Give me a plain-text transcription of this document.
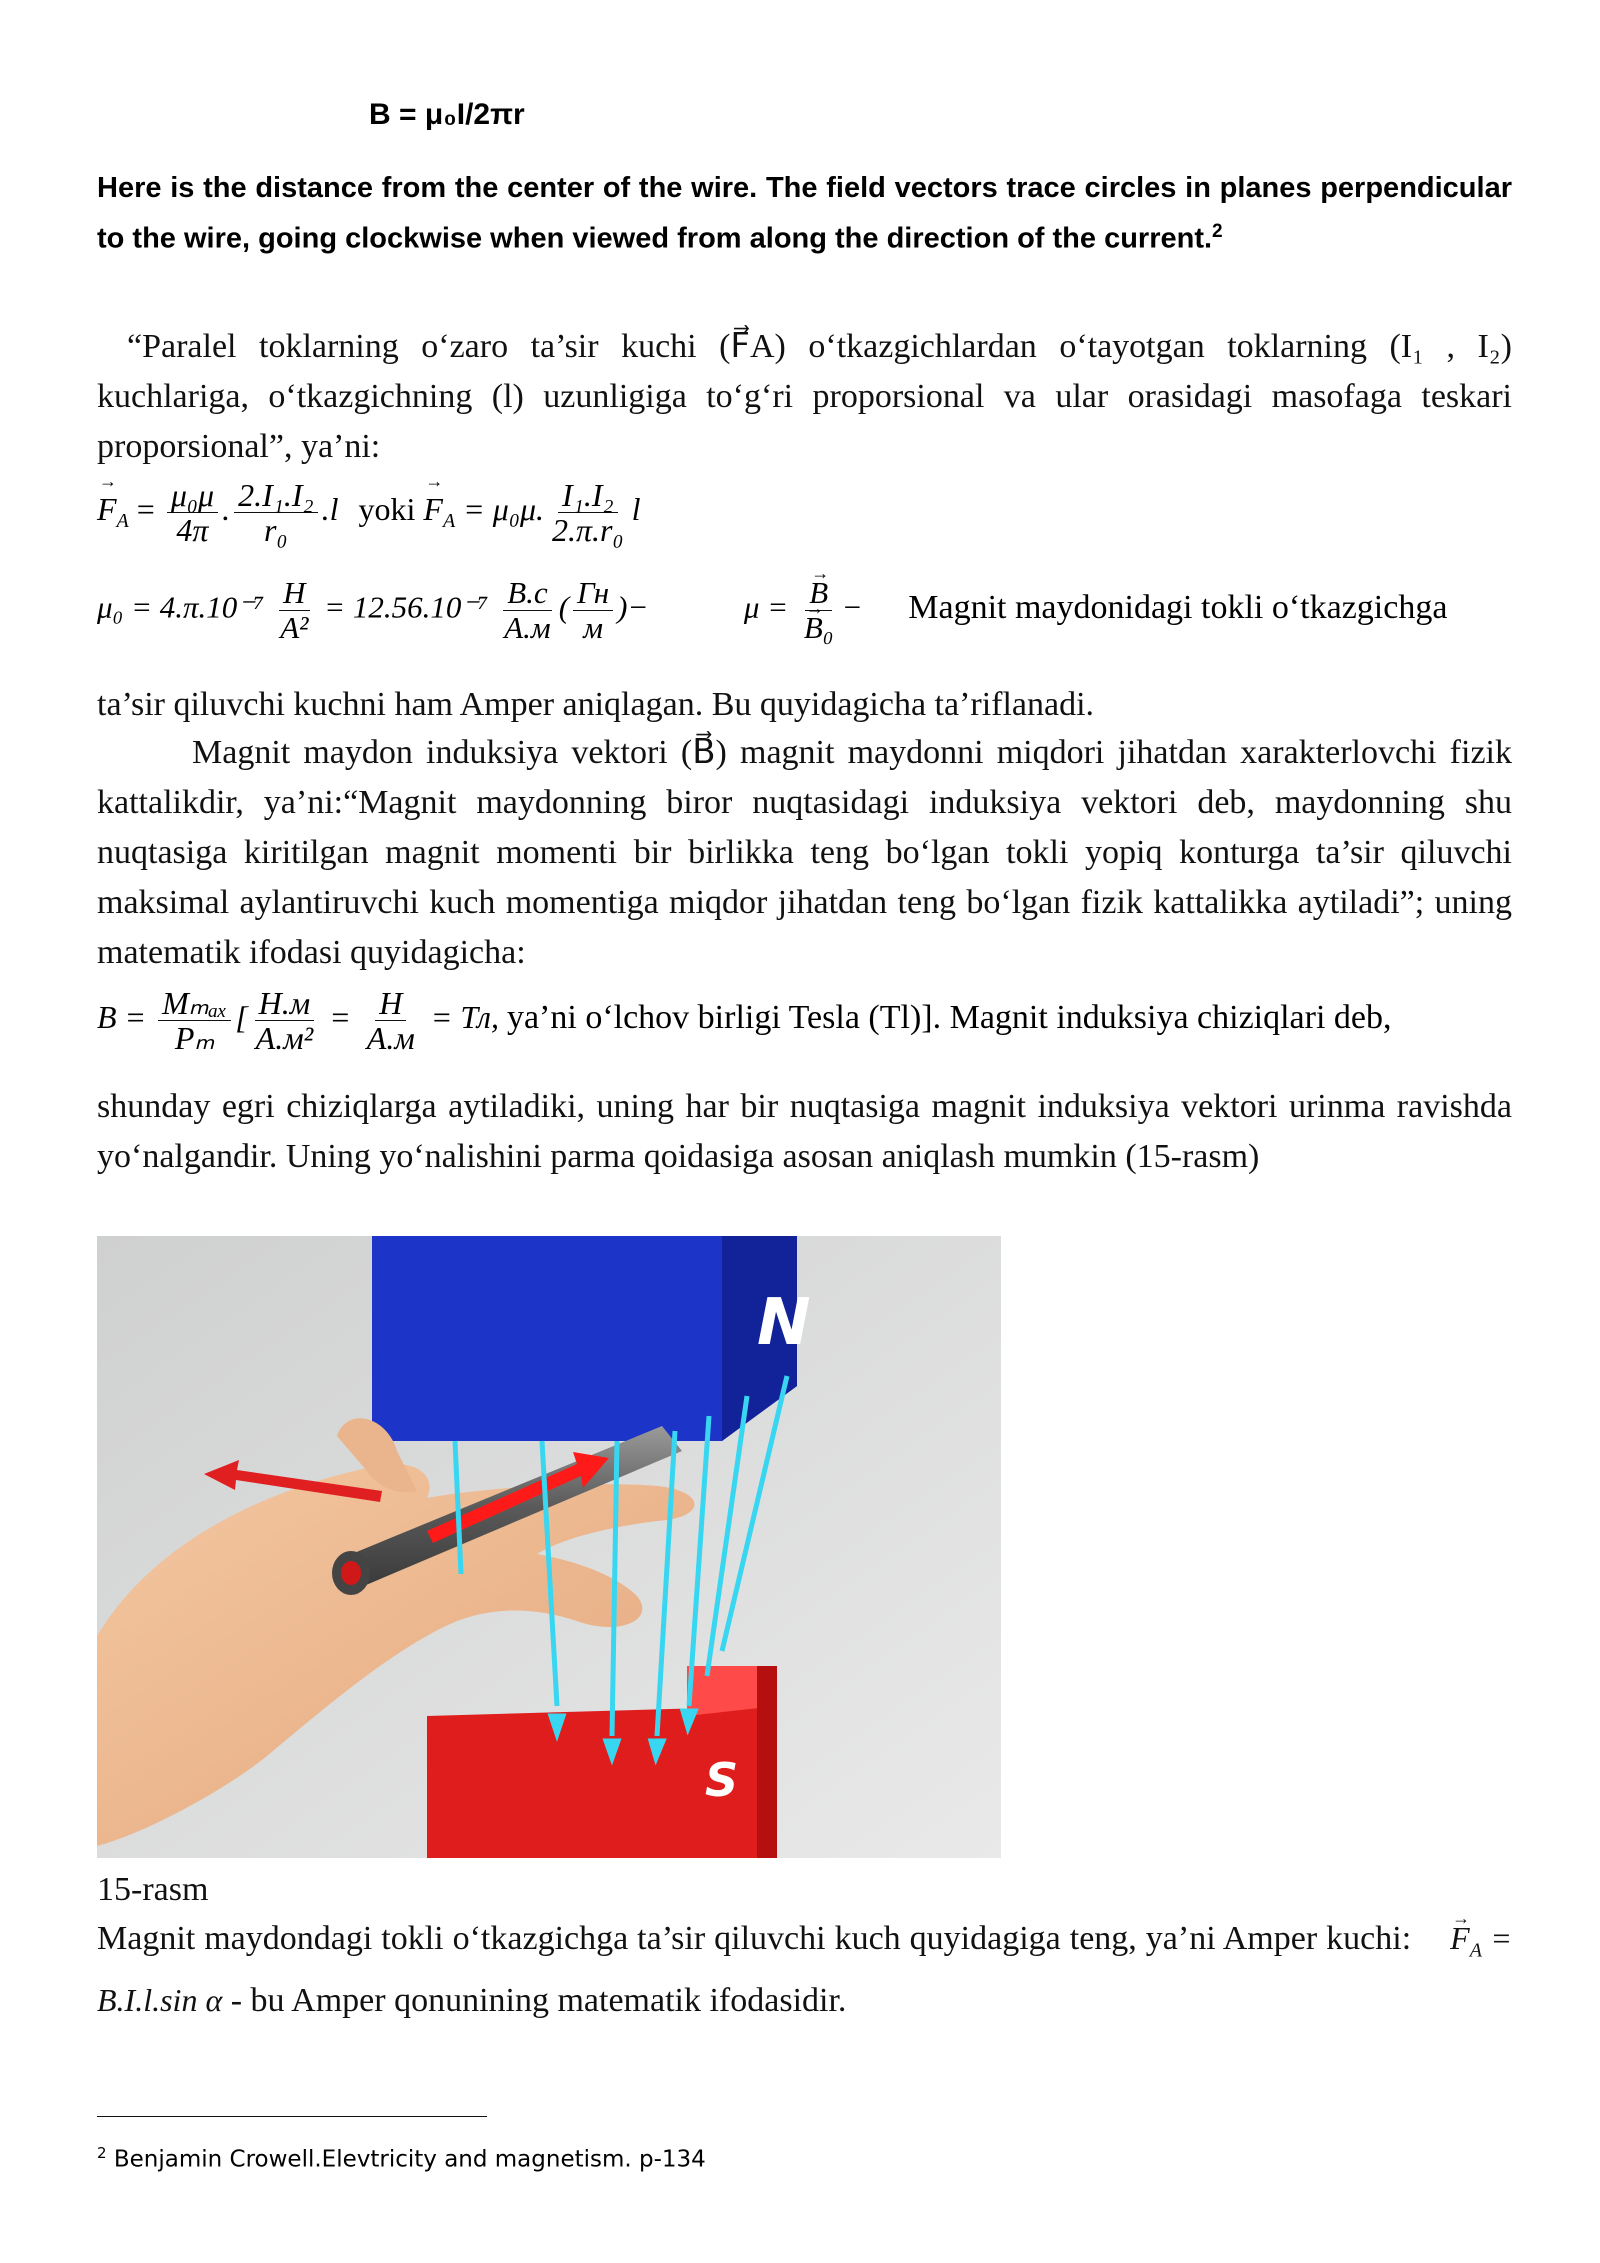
B = μ₀I/2πr
Here is the distance from the center of the wire. The field vectors trace circles in planes perpendicular to the wire, going clockwise when viewed from along the direction of the current.$^2$
“Paralel toklarning o‘zaro ta’sir kuchi (F⃗A) o‘tkazgichlardan o‘tayotgan toklarning (I₁ , I₂) kuchlariga, o‘tkazgichning (l) uzunligiga to‘g‘ri proporsional va ular orasidagi masofaga teskari proporsional”, ya’ni:
→ $F_A = \frac{\text{μ₀μ}}{4\pi}$ . $\frac{\text{2.I₁.I₂}}{\text{r₀}} .l$ yoki → $F_A = \mu_0\mu$. $\frac{\text{I₁.I₂}}{\text{2.π.r₀}}$ l
$\mu_0 = 4.\pi.10^{-7} \frac{H}{\text{A²}} = 12.56.10^{-7} \frac{B.c}{A.м}$ ( $\frac{Гн}{м}$ )−	μ = → B
→ B₀ − Magnit maydonidagi tokli o‘tkazgichga
ta’sir qiluvchi kuchni ham Amper aniqlagan. Bu quyidagicha ta’riflanadi.
Magnit maydon induksiya vektori (B⃗) magnit maydonni miqdori jihatdan xarakterlovchi fizik kattalikdir, ya’ni:“Magnit maydonning biror nuqtasidagi induksiya vektori deb, maydonning shu nuqtasiga kiritilgan magnit momenti bir birlikka teng bo‘lgan tokli yopiq konturga ta’sir qiluvchi maksimal aylantiruvchi kuch momentiga miqdor jihatdan teng bo‘lgan fizik kattalikka aytiladi”; uning matematik ifodasi quyidagicha:
$B = \frac{\text{Mₘₐₓ}}{\text{Pₘ}}$ [ $\frac{H.м}{\text{A.м²}} = \frac{H}{A.м}$ = Тл, ya’ni o‘lchov birligi Tesla (Tl)]. Magnit induksiya chiziqlari deb,
shunday egri chiziqlarga aytiladiki, uning har bir nuqtasiga magnit induksiya vektori urinma ravishda yo‘nalgandir. Uning yo‘nalishini parma qoidasiga asosan aniqlash mumkin (15-rasm)
N
S
15-rasm
Magnit maydondagi tokli o‘tkazgichga ta’sir qiluvchi kuch quyidagiga teng, ya’ni Amper kuchi: → $F_A = B.I.l.\sin$ α - bu Amper qonunining matematik ifodasidir.
$^2$ Benjamin Crowell.Elevtricity and magnetism. p-134
